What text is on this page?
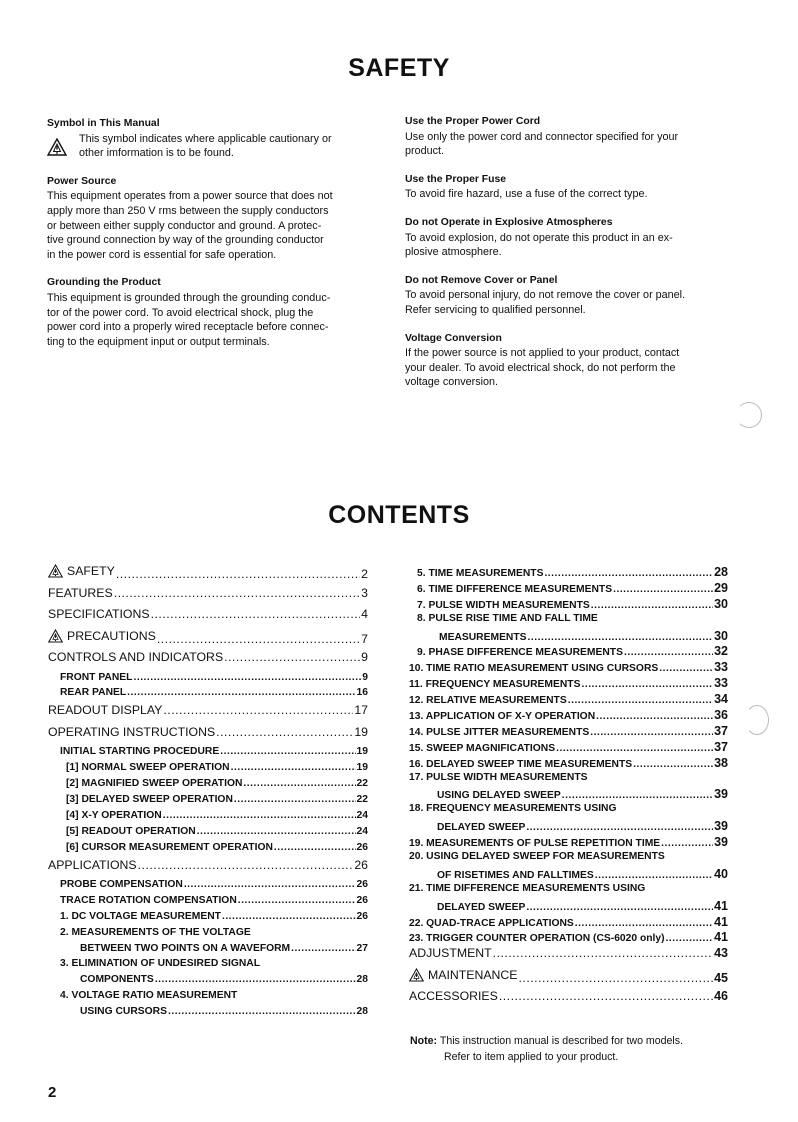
SAFETY
Symbol in This Manual
This symbol indicates where applicable cautionary or
other imformation is to be found.
Power Source
This equipment operates from a power source that does not
apply more than 250 V rms between the supply conductors
or between either supply conductor and ground. A protec-
tive ground connection by way of the grounding conductor
in the power cord is essential for safe operation.
Grounding the Product
This equipment is grounded through the grounding conduc-
tor of the power cord. To avoid electrical shock, plug the
power cord into a properly wired receptacle before connec-
ting to the equipment input or output terminals.
Use the Proper Power Cord
Use only the power cord and connector specified for your
product.
Use the Proper Fuse
To avoid fire hazard, use a fuse of the correct type.
Do not Operate in Explosive Atmospheres
To avoid explosion, do not operate this product in an ex-
plosive atmosphere.
Do not Remove Cover or Panel
To avoid personal injury, do not remove the cover or panel.
Refer servicing to qualified personnel.
Voltage Conversion
If the power source is not applied to your product, contact
your dealer. To avoid electrical shock, do not perform the
voltage conversion.
CONTENTS
SAFETY .....	2
FEATURES .....	3
SPECIFICATIONS .....	4
PRECAUTIONS .....	7
CONTROLS AND INDICATORS .....	9
FRONT PANEL .....	9
REAR PANEL .....	16
READOUT DISPLAY .....	17
OPERATING INSTRUCTIONS .....	19
INITIAL STARTING PROCEDURE .....	19
[1] NORMAL SWEEP OPERATION .....	19
[2] MAGNIFIED SWEEP OPERATION .....	22
[3] DELAYED SWEEP OPERATION .....	22
[4] X-Y OPERATION .....	24
[5] READOUT OPERATION .....	24
[6] CURSOR MEASUREMENT OPERATION .....	26
APPLICATIONS .....	26
PROBE COMPENSATION .....	26
TRACE ROTATION COMPENSATION .....	26
1. DC VOLTAGE MEASUREMENT .....	26
2. MEASUREMENTS OF THE VOLTAGE
BETWEEN TWO POINTS ON A WAVEFORM .....	27
3. ELIMINATION OF UNDESIRED SIGNAL
COMPONENTS .....	28
4. VOLTAGE RATIO MEASUREMENT
USING CURSORS .....	28
5. TIME MEASUREMENTS .....	28
6. TIME DIFFERENCE MEASUREMENTS .....	29
7. PULSE WIDTH MEASUREMENTS .....	30
8. PULSE RISE TIME AND FALL TIME
MEASUREMENTS .....	30
9. PHASE DIFFERENCE MEASUREMENTS .....	32
10. TIME RATIO MEASUREMENT USING CURSORS .....	33
11. FREQUENCY MEASUREMENTS .....	33
12. RELATIVE MEASUREMENTS .....	34
13. APPLICATION OF X-Y OPERATION .....	36
14. PULSE JITTER MEASUREMENTS .....	37
15. SWEEP MAGNIFICATIONS .....	37
16. DELAYED SWEEP TIME MEASUREMENTS .....	38
17. PULSE WIDTH MEASUREMENTS
USING DELAYED SWEEP .....	39
18. FREQUENCY MEASUREMENTS USING
DELAYED SWEEP .....	39
19. MEASUREMENTS OF PULSE REPETITION TIME .....	39
20. USING DELAYED SWEEP FOR MEASUREMENTS
OF RISETIMES AND FALLTIMES .....	40
21. TIME DIFFERENCE MEASUREMENTS USING
DELAYED SWEEP .....	41
22. QUAD-TRACE APPLICATIONS .....	41
23. TRIGGER COUNTER OPERATION (CS-6020 only) .....	41
ADJUSTMENT .....	43
MAINTENANCE .....	45
ACCESSORIES .....	46
Note: This instruction manual is described for two models.
Refer to item applied to your product.
2
